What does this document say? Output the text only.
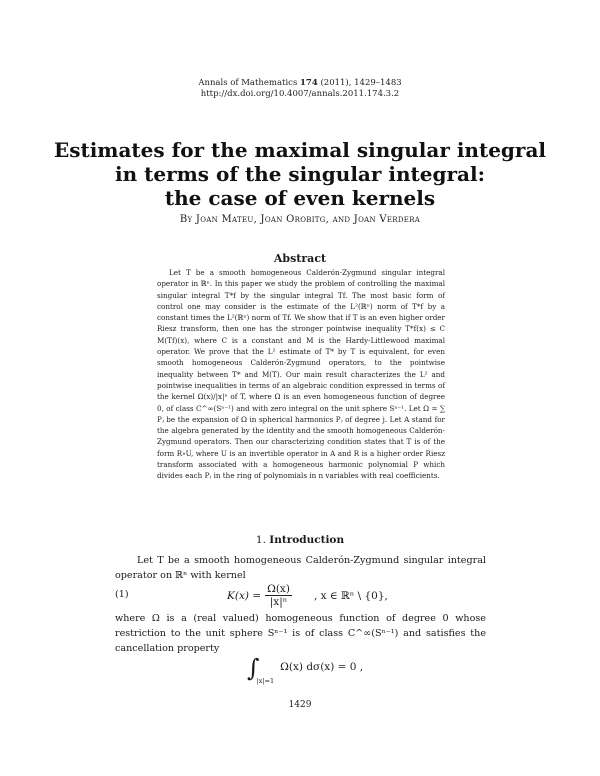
Annals of Mathematics 174 (2011), 1429–1483
http://dx.doi.org/10.4007/annals.2011.174.3.2
Estimates for the maximal singular integral
in terms of the singular integral:
the case of even kernels
By Joan Mateu, Joan Orobitg, and Joan Verdera
Abstract
Let T be a smooth homogeneous Calderón-Zygmund singular integral operator in ℝⁿ. In this paper we study the problem of controlling the maximal singular integral T*f by the singular integral Tf. The most basic form of control one may consider is the estimate of the L²(ℝⁿ) norm of T*f by a constant times the L²(ℝⁿ) norm of Tf. We show that if T is an even higher order Riesz transform, then one has the stronger pointwise inequality T*f(x) ≤ C M(Tf)(x), where C is a constant and M is the Hardy-Littlewood maximal operator. We prove that the L² estimate of T* by T is equivalent, for even smooth homogeneous Calderón-Zygmund operators, to the pointwise inequality between T* and M(T). Our main result characterizes the L² and pointwise inequalities in terms of an algebraic condition expressed in terms of the kernel Ω(x)/|x|ⁿ of T, where Ω is an even homogeneous function of degree 0, of class C^∞(Sⁿ⁻¹) and with zero integral on the unit sphere Sⁿ⁻¹. Let Ω = ∑ Pⱼ be the expansion of Ω in spherical harmonics Pⱼ of degree j. Let A stand for the algebra generated by the identity and the smooth homogeneous Calderón-Zygmund operators. Then our characterizing condition states that T is of the form R∘U, where U is an invertible operator in A and R is a higher order Riesz transform associated with a homogeneous harmonic polynomial P which divides each Pⱼ in the ring of polynomials in n variables with real coefficients.
1. Introduction
Let T be a smooth homogeneous Calderón-Zygmund singular integral operator on ℝⁿ with kernel
(1)	$K(x) = \frac{\Omega(x)}{\text{|x|ⁿ}}$ , x ∈ ℝⁿ \ {0},
where Ω is a (real valued) homogeneous function of degree 0 whose restriction to the unit sphere Sⁿ⁻¹ is of class C^∞(Sⁿ⁻¹) and satisfies the cancellation property
∫
|x|=1
Ω(x) dσ(x) = 0 ,
1429
